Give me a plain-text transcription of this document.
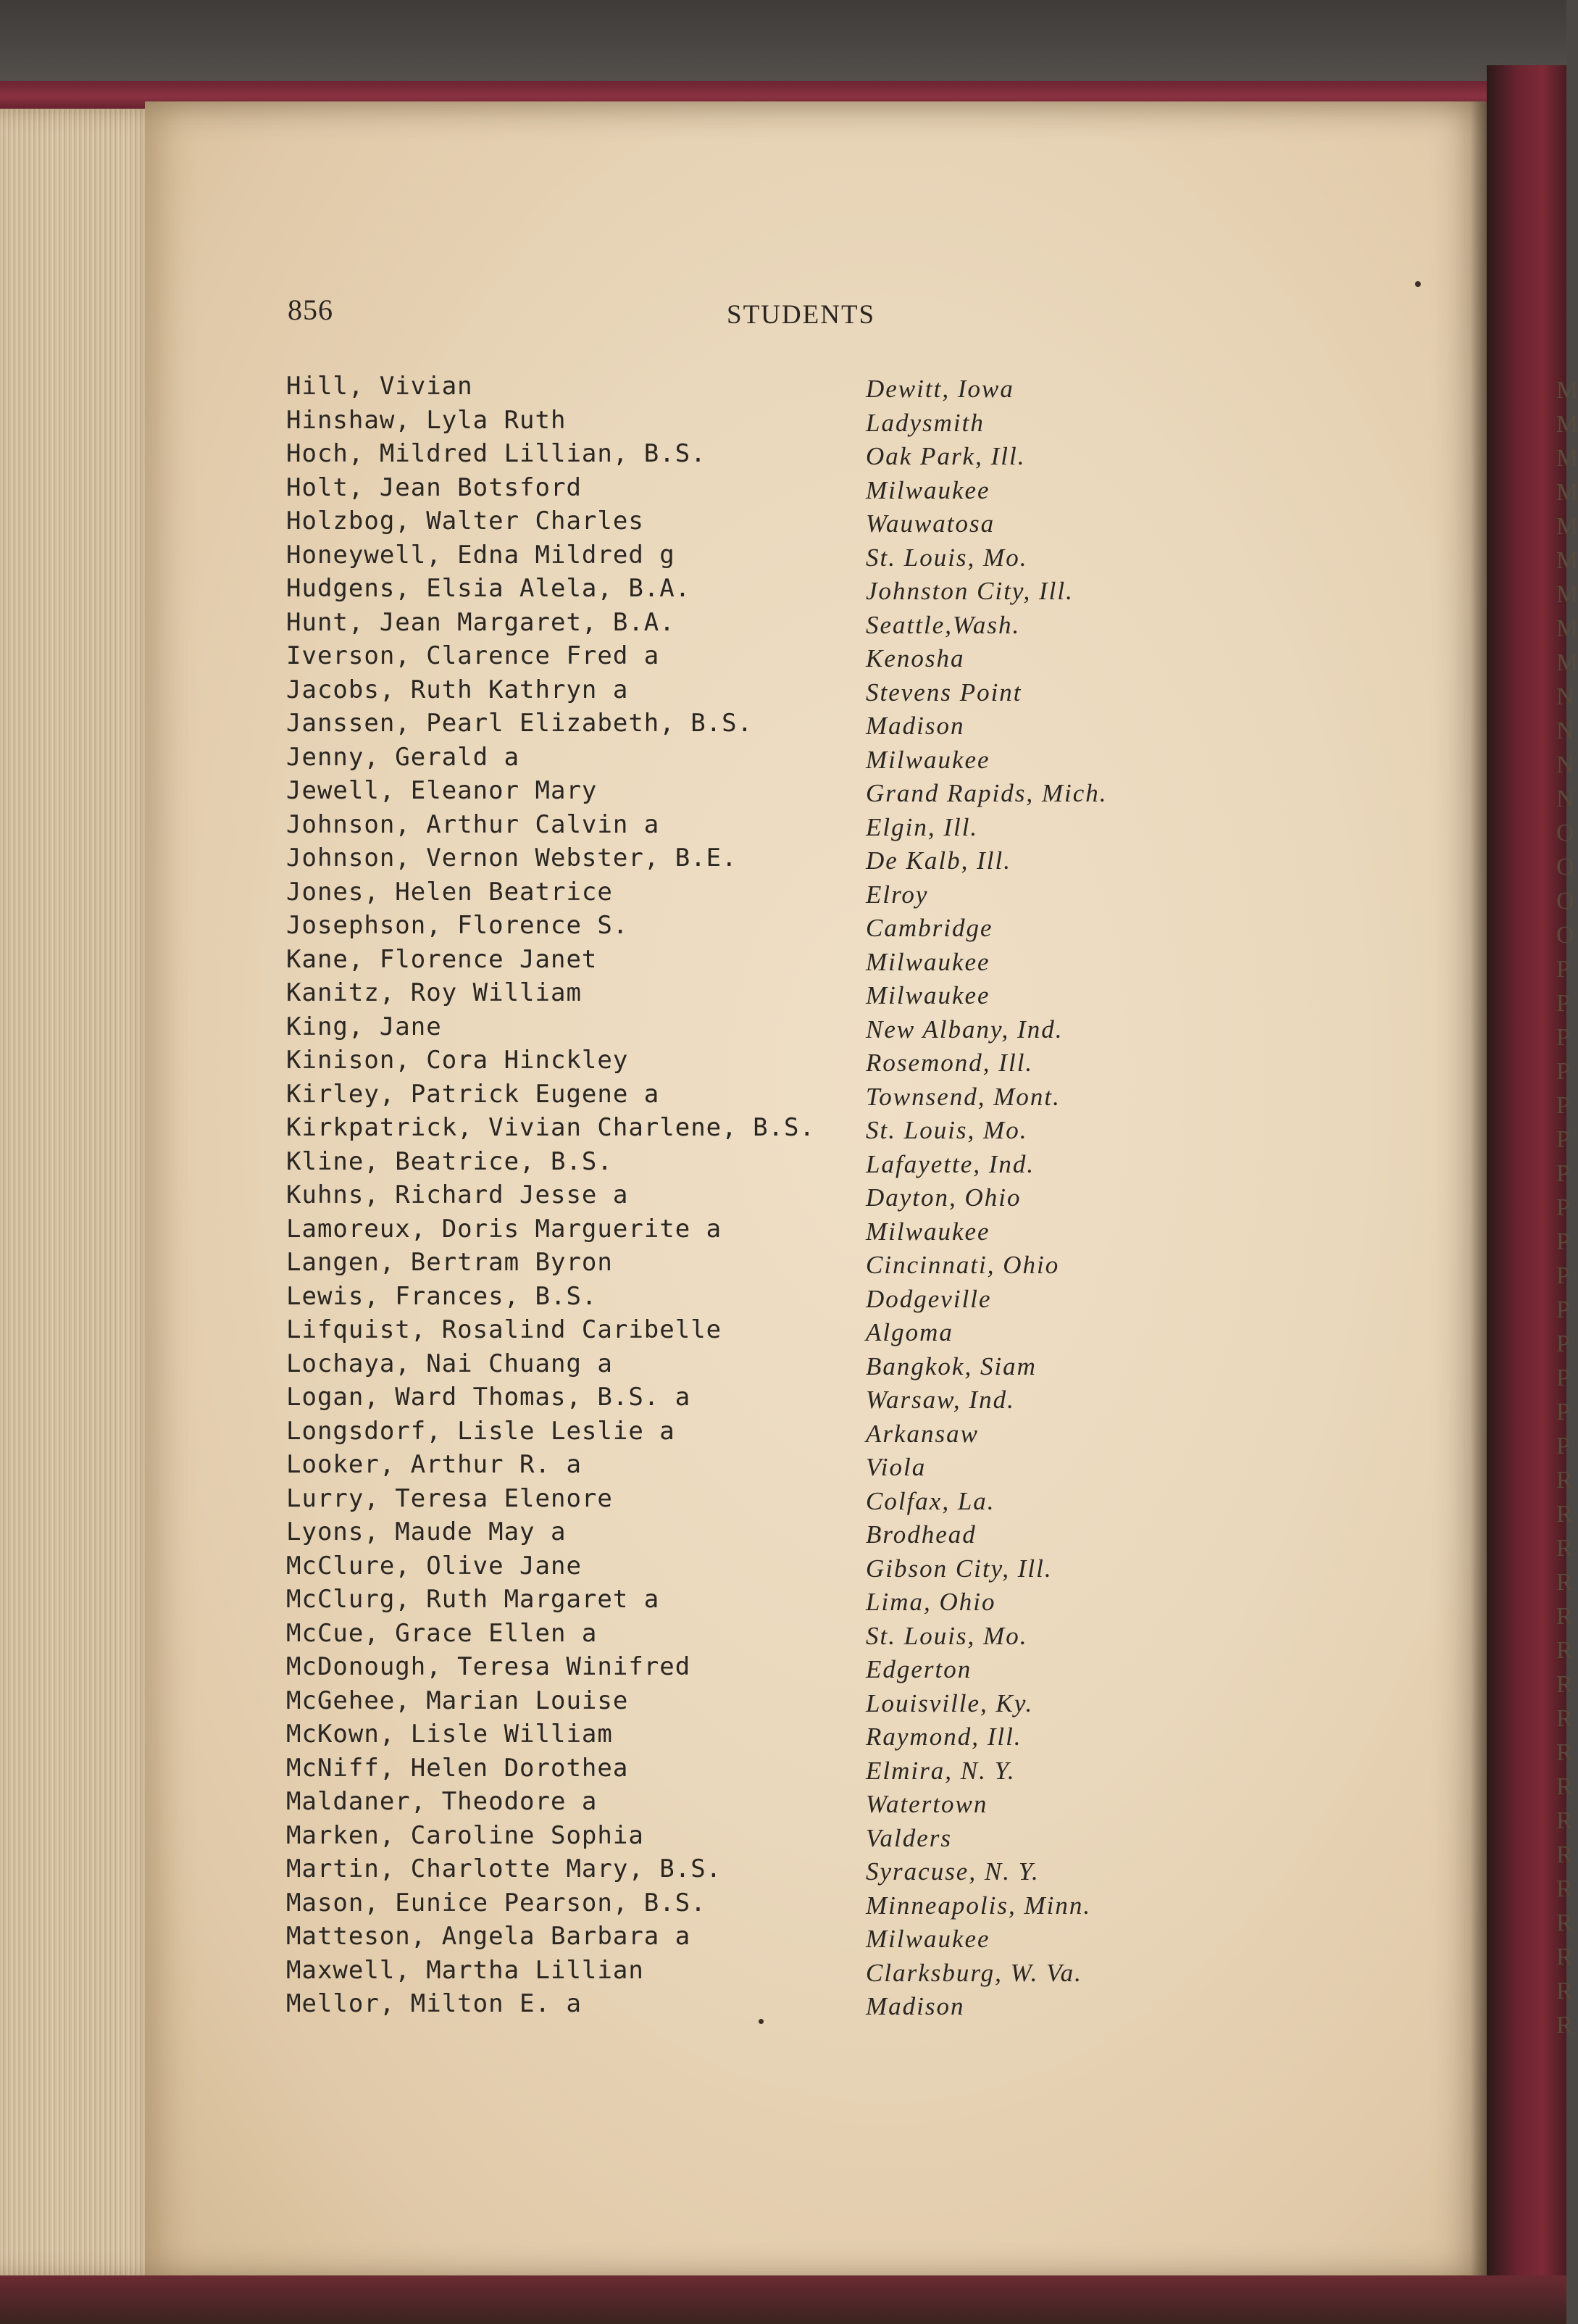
M
M
M
M
M
M
M
M
M
N
N
N
N
O
O
O
O
P
P
P
P
P
P
P
P
P
P
P
P
P
P
P
R
R
R
R
R
R
R
R
R
R
R
R
R
R
R
R
R
856	STUDENTS
Hill, Vivian	Dewitt, Iowa
Hinshaw, Lyla Ruth	Ladysmith
Hoch, Mildred Lillian, B.S.	Oak Park, Ill.
Holt, Jean Botsford	Milwaukee
Holzbog, Walter Charles	Wauwatosa
Honeywell, Edna Mildred g	St. Louis, Mo.
Hudgens, Elsia Alela, B.A.	Johnston City, Ill.
Hunt, Jean Margaret, B.A.	Seattle,Wash.
Iverson, Clarence Fred a	Kenosha
Jacobs, Ruth Kathryn a	Stevens Point
Janssen, Pearl Elizabeth, B.S.	Madison
Jenny, Gerald a	Milwaukee
Jewell, Eleanor Mary	Grand Rapids, Mich.
Johnson, Arthur Calvin a	Elgin, Ill.
Johnson, Vernon Webster, B.E.	De Kalb, Ill.
Jones, Helen Beatrice	Elroy
Josephson, Florence S.	Cambridge
Kane, Florence Janet	Milwaukee
Kanitz, Roy William	Milwaukee
King, Jane	New Albany, Ind.
Kinison, Cora Hinckley	Rosemond, Ill.
Kirley, Patrick Eugene a	Townsend, Mont.
Kirkpatrick, Vivian Charlene, B.S. St. Louis, Mo.
Kline, Beatrice, B.S.	Lafayette, Ind.
Kuhns, Richard Jesse a	Dayton, Ohio
Lamoreux, Doris Marguerite a	Milwaukee
Langen, Bertram Byron	Cincinnati, Ohio
Lewis, Frances, B.S.	Dodgeville
Lifquist, Rosalind Caribelle	Algoma
Lochaya, Nai Chuang a	Bangkok, Siam
Logan, Ward Thomas, B.S. a	Warsaw, Ind.
Longsdorf, Lisle Leslie a	Arkansaw
Looker, Arthur R. a	Viola
Lurry, Teresa Elenore	Colfax, La.
Lyons, Maude May a	Brodhead
McClure, Olive Jane	Gibson City, Ill.
McClurg, Ruth Margaret a	Lima, Ohio
McCue, Grace Ellen a	St. Louis, Mo.
McDonough, Teresa Winifred	Edgerton
McGehee, Marian Louise	Louisville, Ky.
McKown, Lisle William	Raymond, Ill.
McNiff, Helen Dorothea	Elmira, N. Y.
Maldaner, Theodore a	Watertown
Marken, Caroline Sophia	Valders
Martin, Charlotte Mary, B.S.	Syracuse, N. Y.
Mason, Eunice Pearson, B.S.	Minneapolis, Minn.
Matteson, Angela Barbara a	Milwaukee
Maxwell, Martha Lillian	Clarksburg, W. Va.
Mellor, Milton E. a	Madison
